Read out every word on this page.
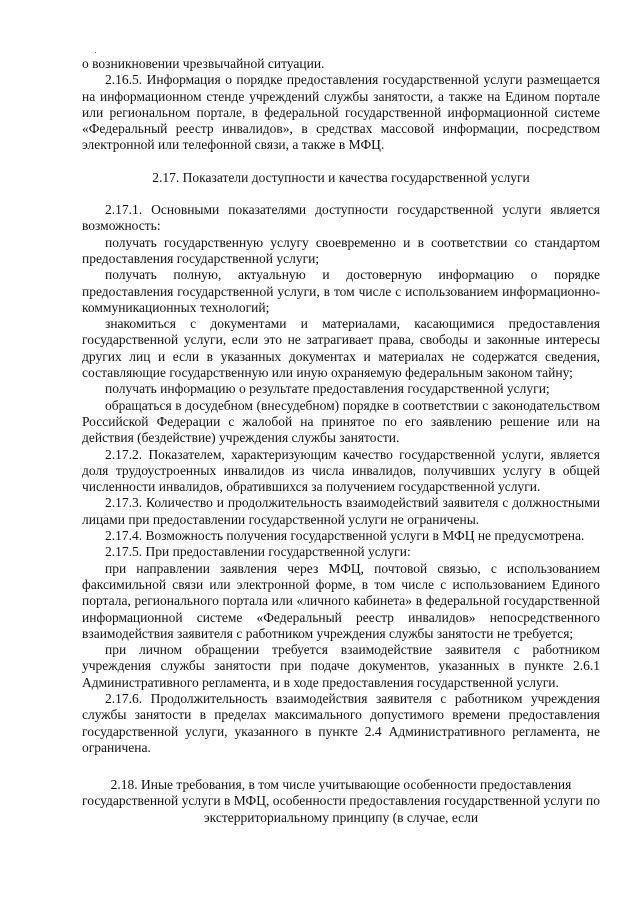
о возникновении чрезвычайной ситуации.

2.16.5. Информация о порядке предоставления государственной услуги размещается на информационном стенде учреждений службы занятости, а также на Едином портале или региональном портале, в федеральной государственной информационной системе «Федеральный реестр инвалидов», в средствах массовой информации, посредством электронной или телефонной связи, а также в МФЦ.

2.17. Показатели доступности и качества государственной услуги

2.17.1. Основными показателями доступности государственной услуги является возможность:

получать государственную услугу своевременно и в соответствии со стандартом предоставления государственной услуги;

получать полную, актуальную и достоверную информацию о порядке предоставления государственной услуги, в том числе с использованием информационно-коммуникационных технологий;

знакомиться с документами и материалами, касающимися предоставления государственной услуги, если это не затрагивает права, свободы и законные интересы других лиц и если в указанных документах и материалах не содержатся сведения, составляющие государственную или иную охраняемую федеральным законом тайну;

получать информацию о результате предоставления государственной услуги;

обращаться в досудебном (внесудебном) порядке в соответствии с законодательством Российской Федерации с жалобой на принятое по его заявлению решение или на действия (бездействие) учреждения службы занятости.

2.17.2. Показателем, характеризующим качество государственной услуги, является доля трудоустроенных инвалидов из числа инвалидов, получивших услугу в общей численности инвалидов, обратившихся за получением государственной услуги.

2.17.3. Количество и продолжительность взаимодействий заявителя с должностными лицами при предоставлении государственной услуги не ограничены.

2.17.4. Возможность получения государственной услуги в МФЦ не предусмотрена.

2.17.5. При предоставлении государственной услуги:

при направлении заявления через МФЦ, почтовой связью, с использованием факсимильной связи или электронной форме, в том числе с использованием Единого портала, регионального портала или «личного кабинета» в федеральной государственной информационной системе «Федеральный реестр инвалидов» непосредственного взаимодействия заявителя с работником учреждения службы занятости не требуется;

при личном обращении требуется взаимодействие заявителя с работником учреждения службы занятости при подаче документов, указанных в пункте 2.6.1 Административного регламента, и в ходе предоставления государственной услуги.

2.17.6. Продолжительность взаимодействия заявителя с работником учреждения службы занятости в пределах максимального допустимого времени предоставления государственной услуги, указанного в пункте 2.4 Административного регламента, не ограничена.

2.18. Иные требования, в том числе учитывающие особенности предоставления государственной услуги в МФЦ, особенности предоставления государственной услуги по экстерриториальному принципу (в случае, если
